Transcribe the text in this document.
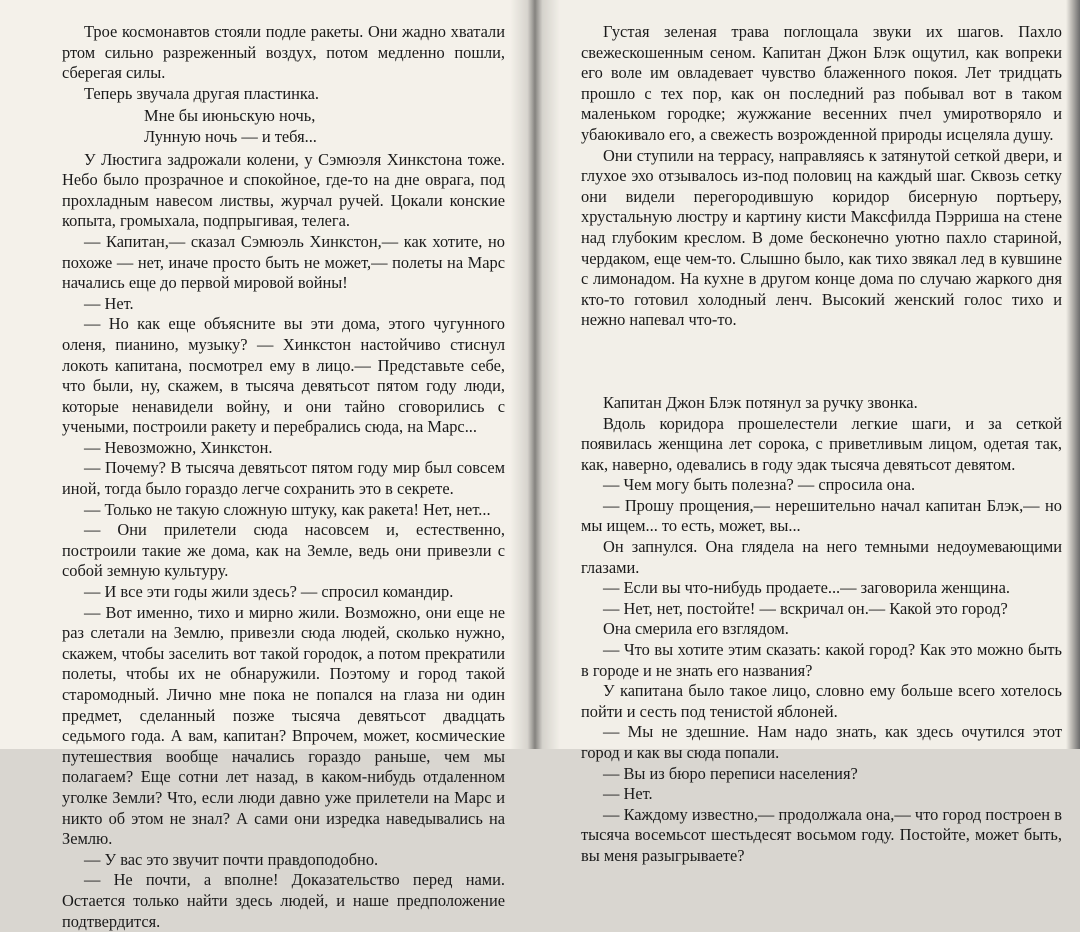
Трое космонавтов стояли подле ракеты. Они жадно хватали ртом сильно разреженный воздух, потом медленно пошли, сберегая силы.

Теперь звучала другая пластинка.

Мне бы июньскую ночь,
Лунную ночь — и тебя...

У Люстига задрожали колени, у Сэмюэля Хинкстона тоже. Небо было прозрачное и спокойное, где-то на дне оврага, под прохладным навесом листвы, журчал ручей. Цокали конские копыта, громыхала, подпрыгивая, телега.

— Капитан,— сказал Сэмюэль Хинкстон,— как хотите, но похоже — нет, иначе просто быть не может,— полеты на Марс начались еще до первой мировой войны!

— Нет.

— Но как еще объясните вы эти дома, этого чугунного оленя, пианино, музыку? — Хинкстон настойчиво стиснул локоть капитана, посмотрел ему в лицо.— Представьте себе, что были, ну, скажем, в тысяча девятьсот пятом году люди, которые ненавидели войну, и они тайно сговорились с учеными, построили ракету и перебрались сюда, на Марс...

— Невозможно, Хинкстон.

— Почему? В тысяча девятьсот пятом году мир был совсем иной, тогда было гораздо легче сохранить это в секрете.

— Только не такую сложную штуку, как ракета! Нет, нет...

— Они прилетели сюда насовсем и, естественно, построили такие же дома, как на Земле, ведь они привезли с собой земную культуру.

— И все эти годы жили здесь? — спросил командир.

— Вот именно, тихо и мирно жили. Возможно, они еще не раз слетали на Землю, привезли сюда людей, сколько нужно, скажем, чтобы заселить вот такой городок, а потом прекратили полеты, чтобы их не обнаружили. Поэтому и город такой старомодный. Лично мне пока не попался на глаза ни один предмет, сделанный позже тысяча девятьсот двадцать седьмого года. А вам, капитан? Впрочем, может, космические путешествия вообще начались гораздо раньше, чем мы полагаем? Еще сотни лет назад, в каком-нибудь отдаленном уголке Земли? Что, если люди давно уже прилетели на Марс и никто об этом не знал? А сами они изредка наведывались на Землю.

— У вас это звучит почти правдоподобно.

— Не почти, а вполне! Доказательство перед нами. Остается только найти здесь людей, и наше предположение подтвердится.

Густая зеленая трава поглощала звуки их шагов. Пахло свежескошенным сеном. Капитан Джон Блэк ощутил, как вопреки его воле им овладевает чувство блаженного покоя. Лет тридцать прошло с тех пор, как он последний раз побывал вот в таком маленьком городке; жужжание весенних пчел умиротворяло и убаюкивало его, а свежесть возрожденной природы исцеляла душу.

Они ступили на террасу, направляясь к затянутой сеткой двери, и глухое эхо отзывалось из-под половиц на каждый шаг. Сквозь сетку они видели перегородившую коридор бисерную портьеру, хрустальную люстру и картину кисти Максфилда Пэрриша на стене над глубоким креслом. В доме бесконечно уютно пахло стариной, чердаком, еще чем-то. Слышно было, как тихо звякал лед в кувшине с лимонадом. На кухне в другом конце дома по случаю жаркого дня кто-то готовил холодный ленч. Высокий женский голос тихо и нежно напевал что-то.

Капитан Джон Блэк потянул за ручку звонка.

Вдоль коридора прошелестели легкие шаги, и за сеткой появилась женщина лет сорока, с приветливым лицом, одетая так, как, наверно, одевались в году эдак тысяча девятьсот девятом.

— Чем могу быть полезна? — спросила она.

— Прошу прощения,— нерешительно начал капитан Блэк,— но мы ищем... то есть, может, вы...

Он запнулся. Она глядела на него темными недоумевающими глазами.

— Если вы что-нибудь продаете...— заговорила женщина.

— Нет, нет, постойте! — вскричал он.— Какой это город?

Она смерила его взглядом.

— Что вы хотите этим сказать: какой город? Как это можно быть в городе и не знать его названия?

У капитана было такое лицо, словно ему больше всего хотелось пойти и сесть под тенистой яблоней.

— Мы не здешние. Нам надо знать, как здесь очутился этот город и как вы сюда попали.

— Вы из бюро переписи населения?

— Нет.

— Каждому известно,— продолжала она,— что город построен в тысяча восемьсот шестьдесят восьмом году. Постойте, может быть, вы меня разыгрываете?
